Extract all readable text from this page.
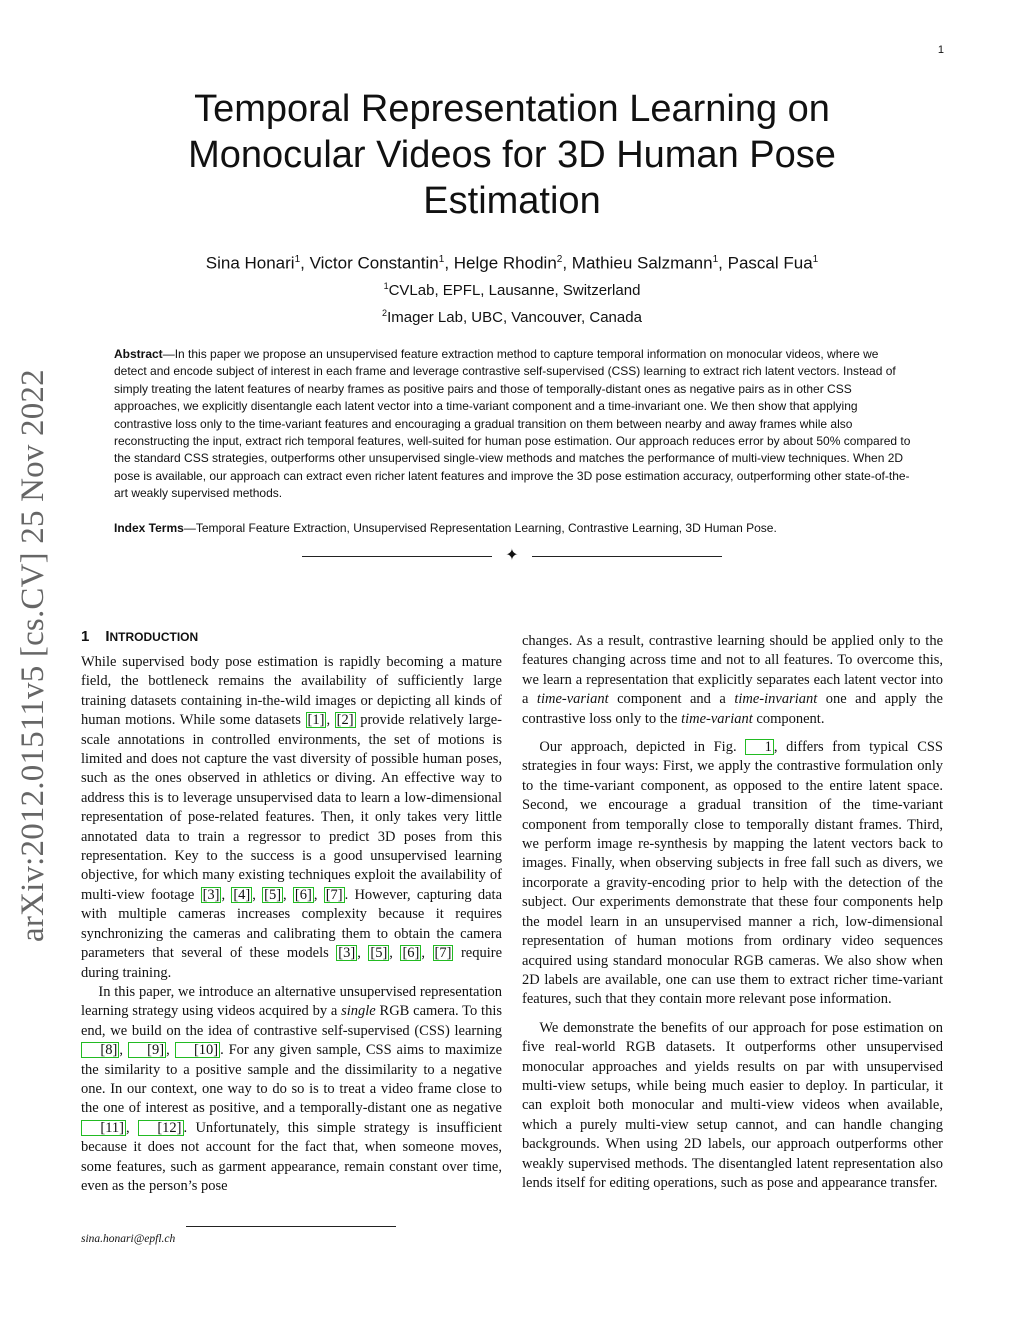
1
arXiv:2012.01511v5 [cs.CV] 25 Nov 2022
Temporal Representation Learning on Monocular Videos for 3D Human Pose Estimation
Sina Honari$^1$, Victor Constantin$^1$, Helge Rhodin$^2$, Mathieu Salzmann$^1$, Pascal Fua$^1$
$^1$CVLab, EPFL, Lausanne, Switzerland
$^2$Imager Lab, UBC, Vancouver, Canada
Abstract—In this paper we propose an unsupervised feature extraction method to capture temporal information on monocular videos, where we detect and encode subject of interest in each frame and leverage contrastive self-supervised (CSS) learning to extract rich latent vectors. Instead of simply treating the latent features of nearby frames as positive pairs and those of temporally-distant ones as negative pairs as in other CSS approaches, we explicitly disentangle each latent vector into a time-variant component and a time-invariant one. We then show that applying contrastive loss only to the time-variant features and encouraging a gradual transition on them between nearby and away frames while also reconstructing the input, extract rich temporal features, well-suited for human pose estimation. Our approach reduces error by about 50% compared to the standard CSS strategies, outperforms other unsupervised single-view methods and matches the performance of multi-view techniques. When 2D pose is available, our approach can extract even richer latent features and improve the 3D pose estimation accuracy, outperforming other state-of-the-art weakly supervised methods.
Index Terms—Temporal Feature Extraction, Unsupervised Representation Learning, Contrastive Learning, 3D Human Pose.
✦
1 INTRODUCTION

While supervised body pose estimation is rapidly becoming a mature field, the bottleneck remains the availability of sufficiently large training datasets containing in-the-wild images or depicting all kinds of human motions. While some datasets [1] , [2] provide relatively large-scale annotations in controlled environments, the set of motions is limited and does not capture the vast diversity of possible human poses, such as the ones observed in athletics or diving. An effective way to address this is to leverage unsupervised data to learn a low-dimensional representation of pose-related features. Then, it only takes very little annotated data to train a regressor to predict 3D poses from this representation. Key to the success is a good unsupervised learning objective, for which many existing techniques exploit the availability of multi-view footage [3] , [4] , [5] , [6] , [7] . However, capturing data with multiple cameras increases complexity because it requires synchronizing the cameras and calibrating them to obtain the camera parameters that several of these models [3] , [5] , [6] , [7] require during training.

In this paper, we introduce an alternative unsupervised representation learning strategy using videos acquired by a single RGB camera. To this end, we build on the idea of contrastive self-supervised (CSS) learning [8] , [9] , [10] . For any given sample, CSS aims to maximize the similarity to a positive sample and the dissimilarity to a negative one. In our context, one way to do so is to treat a video frame close to the one of interest as positive, and a temporally-distant one as negative [11] , [12] . Unfortunately, this simple strategy is insufficient because it does not account for the fact that, when someone moves, some features, such as garment appearance, remain constant over time, even as the person’s pose

changes. As a result, contrastive learning should be applied only to the features changing across time and not to all features. To overcome this, we learn a representation that explicitly separates each latent vector into a time-variant component and a time-invariant one and apply the contrastive loss only to the time-variant component.

Our approach, depicted in Fig. 1 , differs from typical CSS strategies in four ways: First, we apply the contrastive formulation only to the time-variant component, as opposed to the entire latent space. Second, we encourage a gradual transition of the time-variant component from temporally close to temporally distant frames. Third, we perform image re-synthesis by mapping the latent vectors back to images. Finally, when observing subjects in free fall such as divers, we incorporate a gravity-encoding prior to help with the detection of the subject. Our experiments demonstrate that these four components help the model learn in an unsupervised manner a rich, low-dimensional representation of human motions from ordinary video sequences acquired using standard monocular RGB cameras. We also show when 2D labels are available, one can use them to extract richer time-variant features, such that they contain more relevant pose information.

We demonstrate the benefits of our approach for pose estimation on five real-world RGB datasets. It outperforms other unsupervised monocular approaches and yields results on par with unsupervised multi-view setups, while being much easier to deploy. In particular, it can exploit both monocular and multi-view videos when available, which a purely multi-view setup cannot, and can handle changing backgrounds. When using 2D labels, our approach outperforms other weakly supervised methods. The disentangled latent representation also lends itself for editing operations, such as pose and appearance transfer.

sina.honari@epfl.ch
